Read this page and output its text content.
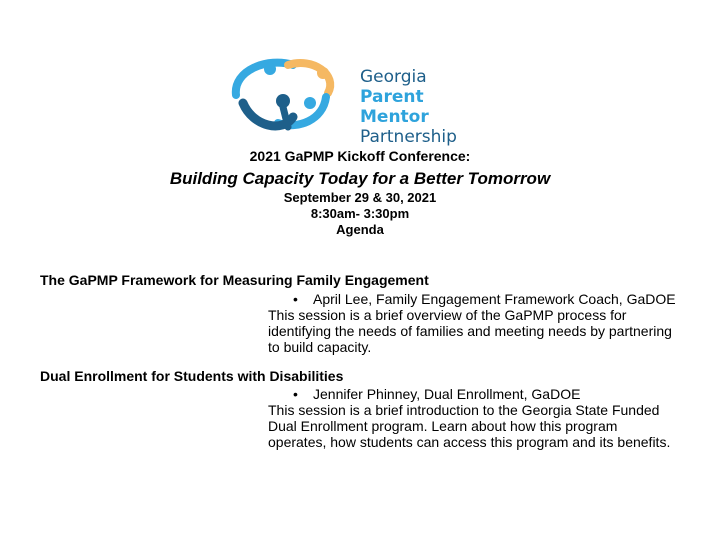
Georgia
Parent Mentor
Partnership
2021 GaPMP Kickoff Conference:
Building Capacity Today for a Better Tomorrow
September 29 & 30, 2021
8:30am- 3:30pm
Agenda
The GaPMP Framework for Measuring Family Engagement
• April Lee, Family Engagement Framework Coach, GaDOE
This session is a brief overview of the GaPMP process for
identifying the needs of families and meeting needs by partnering
to build capacity.
Dual Enrollment for Students with Disabilities
• Jennifer Phinney, Dual Enrollment, GaDOE
This session is a brief introduction to the Georgia State Funded
Dual Enrollment program. Learn about how this program
operates, how students can access this program and its benefits.
